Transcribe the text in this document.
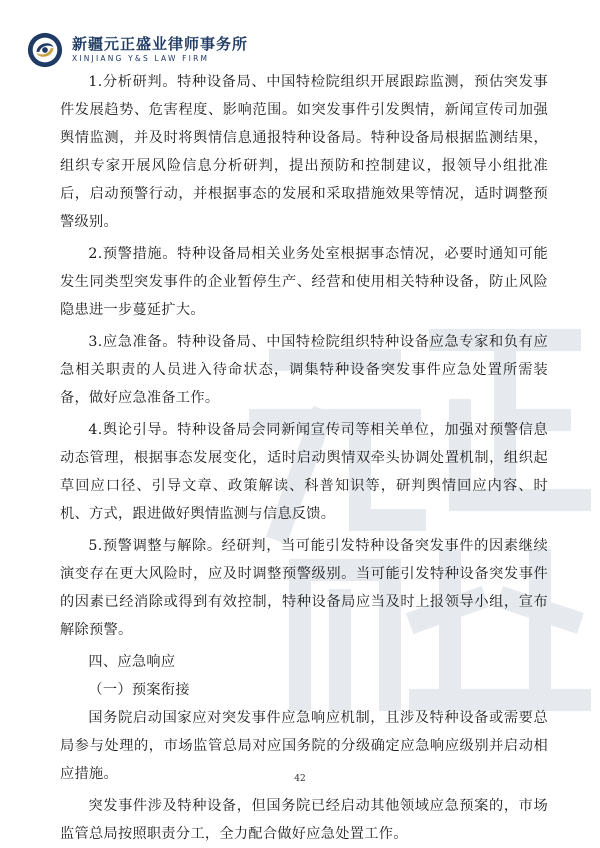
新疆元正盛业律师事务所
XINJIANG Y&S LAW FIRM

1.分析研判。特种设备局、中国特检院组织开展跟踪监测，预估突发事件发展趋势、危害程度、影响范围。如突发事件引发舆情，新闻宣传司加强舆情监测，并及时将舆情信息通报特种设备局。特种设备局根据监测结果，组织专家开展风险信息分析研判，提出预防和控制建议，报领导小组批准后，启动预警行动，并根据事态的发展和采取措施效果等情况，适时调整预警级别。

2.预警措施。特种设备局相关业务处室根据事态情况，必要时通知可能发生同类型突发事件的企业暂停生产、经营和使用相关特种设备，防止风险隐患进一步蔓延扩大。

3.应急准备。特种设备局、中国特检院组织特种设备应急专家和负有应急相关职责的人员进入待命状态，调集特种设备突发事件应急处置所需装备，做好应急准备工作。

4.舆论引导。特种设备局会同新闻宣传司等相关单位，加强对预警信息动态管理，根据事态发展变化，适时启动舆情双牵头协调处置机制，组织起草回应口径、引导文章、政策解读、科普知识等，研判舆情回应内容、时机、方式，跟进做好舆情监测与信息反馈。

5.预警调整与解除。经研判，当可能引发特种设备突发事件的因素继续演变存在更大风险时，应及时调整预警级别。当可能引发特种设备突发事件的因素已经消除或得到有效控制，特种设备局应当及时上报领导小组，宣布解除预警。

四、应急响应

（一）预案衔接

国务院启动国家应对突发事件应急响应机制，且涉及特种设备或需要总局参与处理的，市场监管总局对应国务院的分级确定应急响应级别并启动相应措施。

突发事件涉及特种设备，但国务院已经启动其他领域应急预案的，市场监管总局按照职责分工，全力配合做好应急处置工作。

42
